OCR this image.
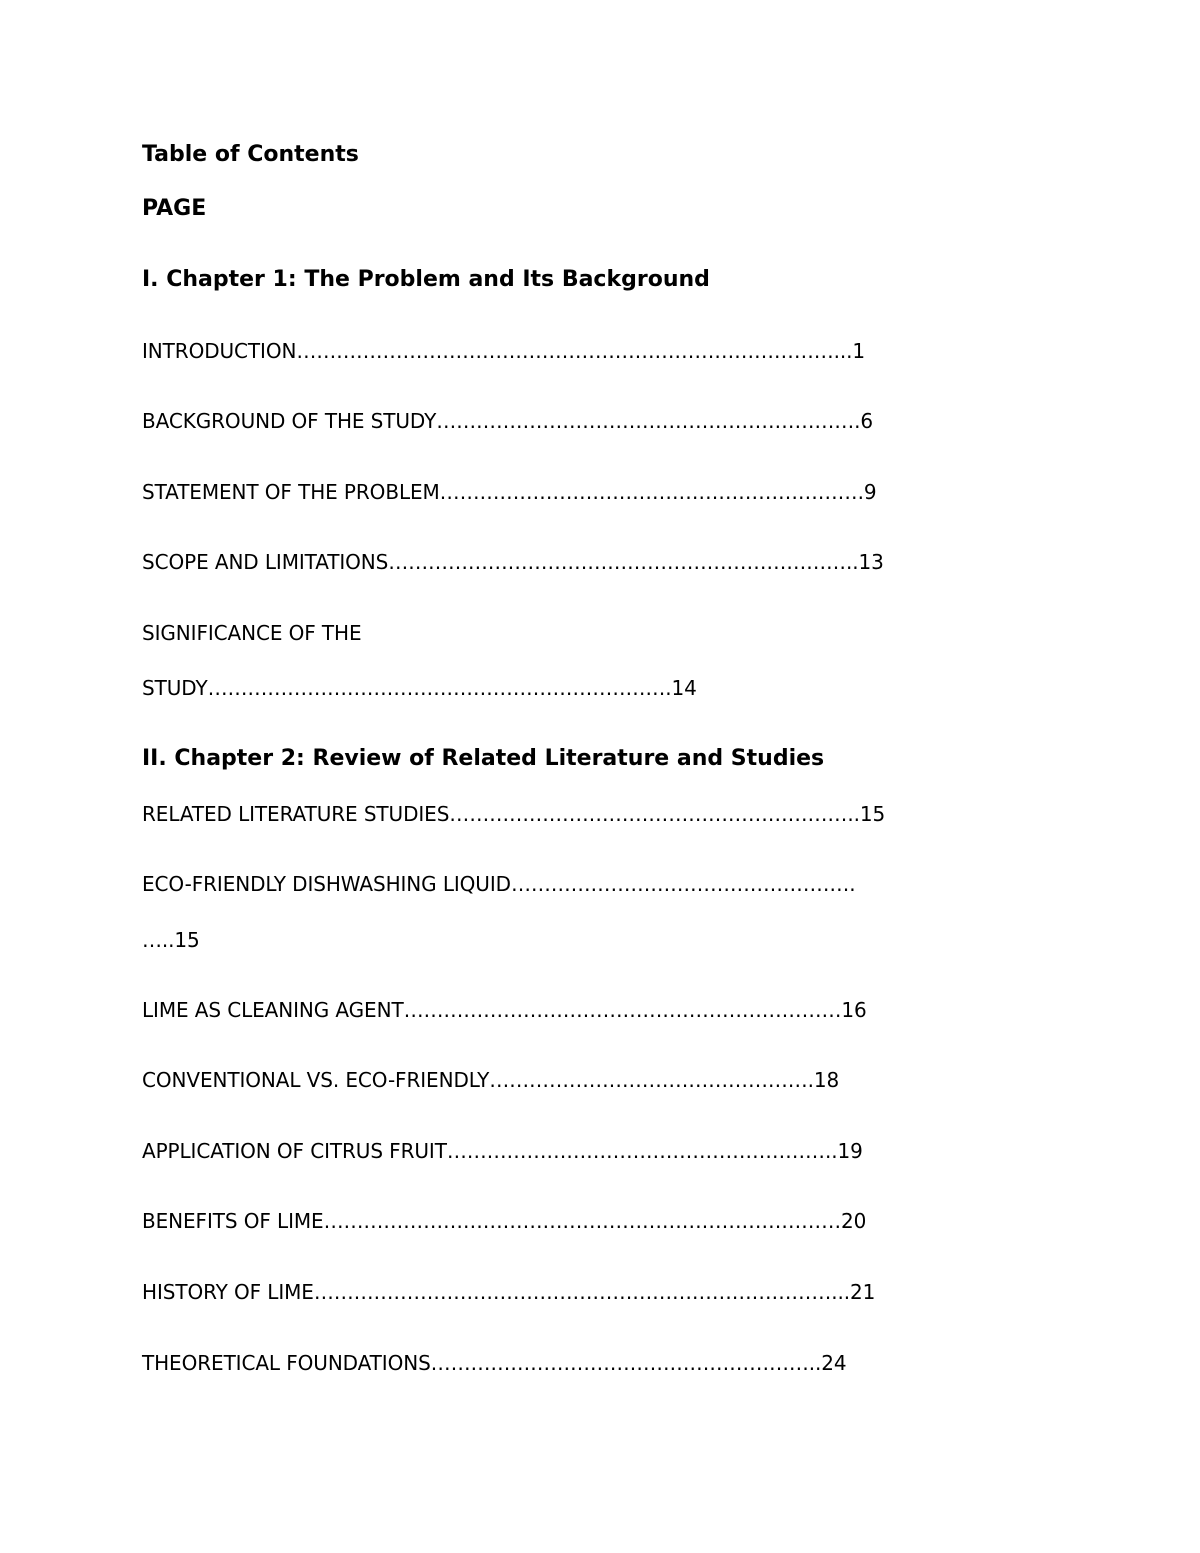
Table of Contents
PAGE
I. Chapter 1: The Problem and Its Background
INTRODUCTION………………………………………………………………………...1
BACKGROUND OF THE STUDY……………………………………………………….6
STATEMENT OF THE PROBLEM……………………………………………………….9
SCOPE AND LIMITATIONS……………………………………………………………..13
SIGNIFICANCE OF THE
STUDY…………………………………………………………….14
II. Chapter 2: Review of Related Literature and Studies
RELATED LITERATURE STUDIES……………………………………………………..15
ECO-FRIENDLY DISHWASHING LIQUID…………………………………………….
…..15
LIME AS CLEANING AGENT…………………………………………………………16
CONVENTIONAL VS. ECO-FRIENDLY………………………………………….18
APPLICATION OF CITRUS FRUIT…………………………………………………..19
BENEFITS OF LIME……………………………………………………………………20
HISTORY OF LIME……………………………………………………………………...21
THEORETICAL FOUNDATIONS…………………………………………………..24
